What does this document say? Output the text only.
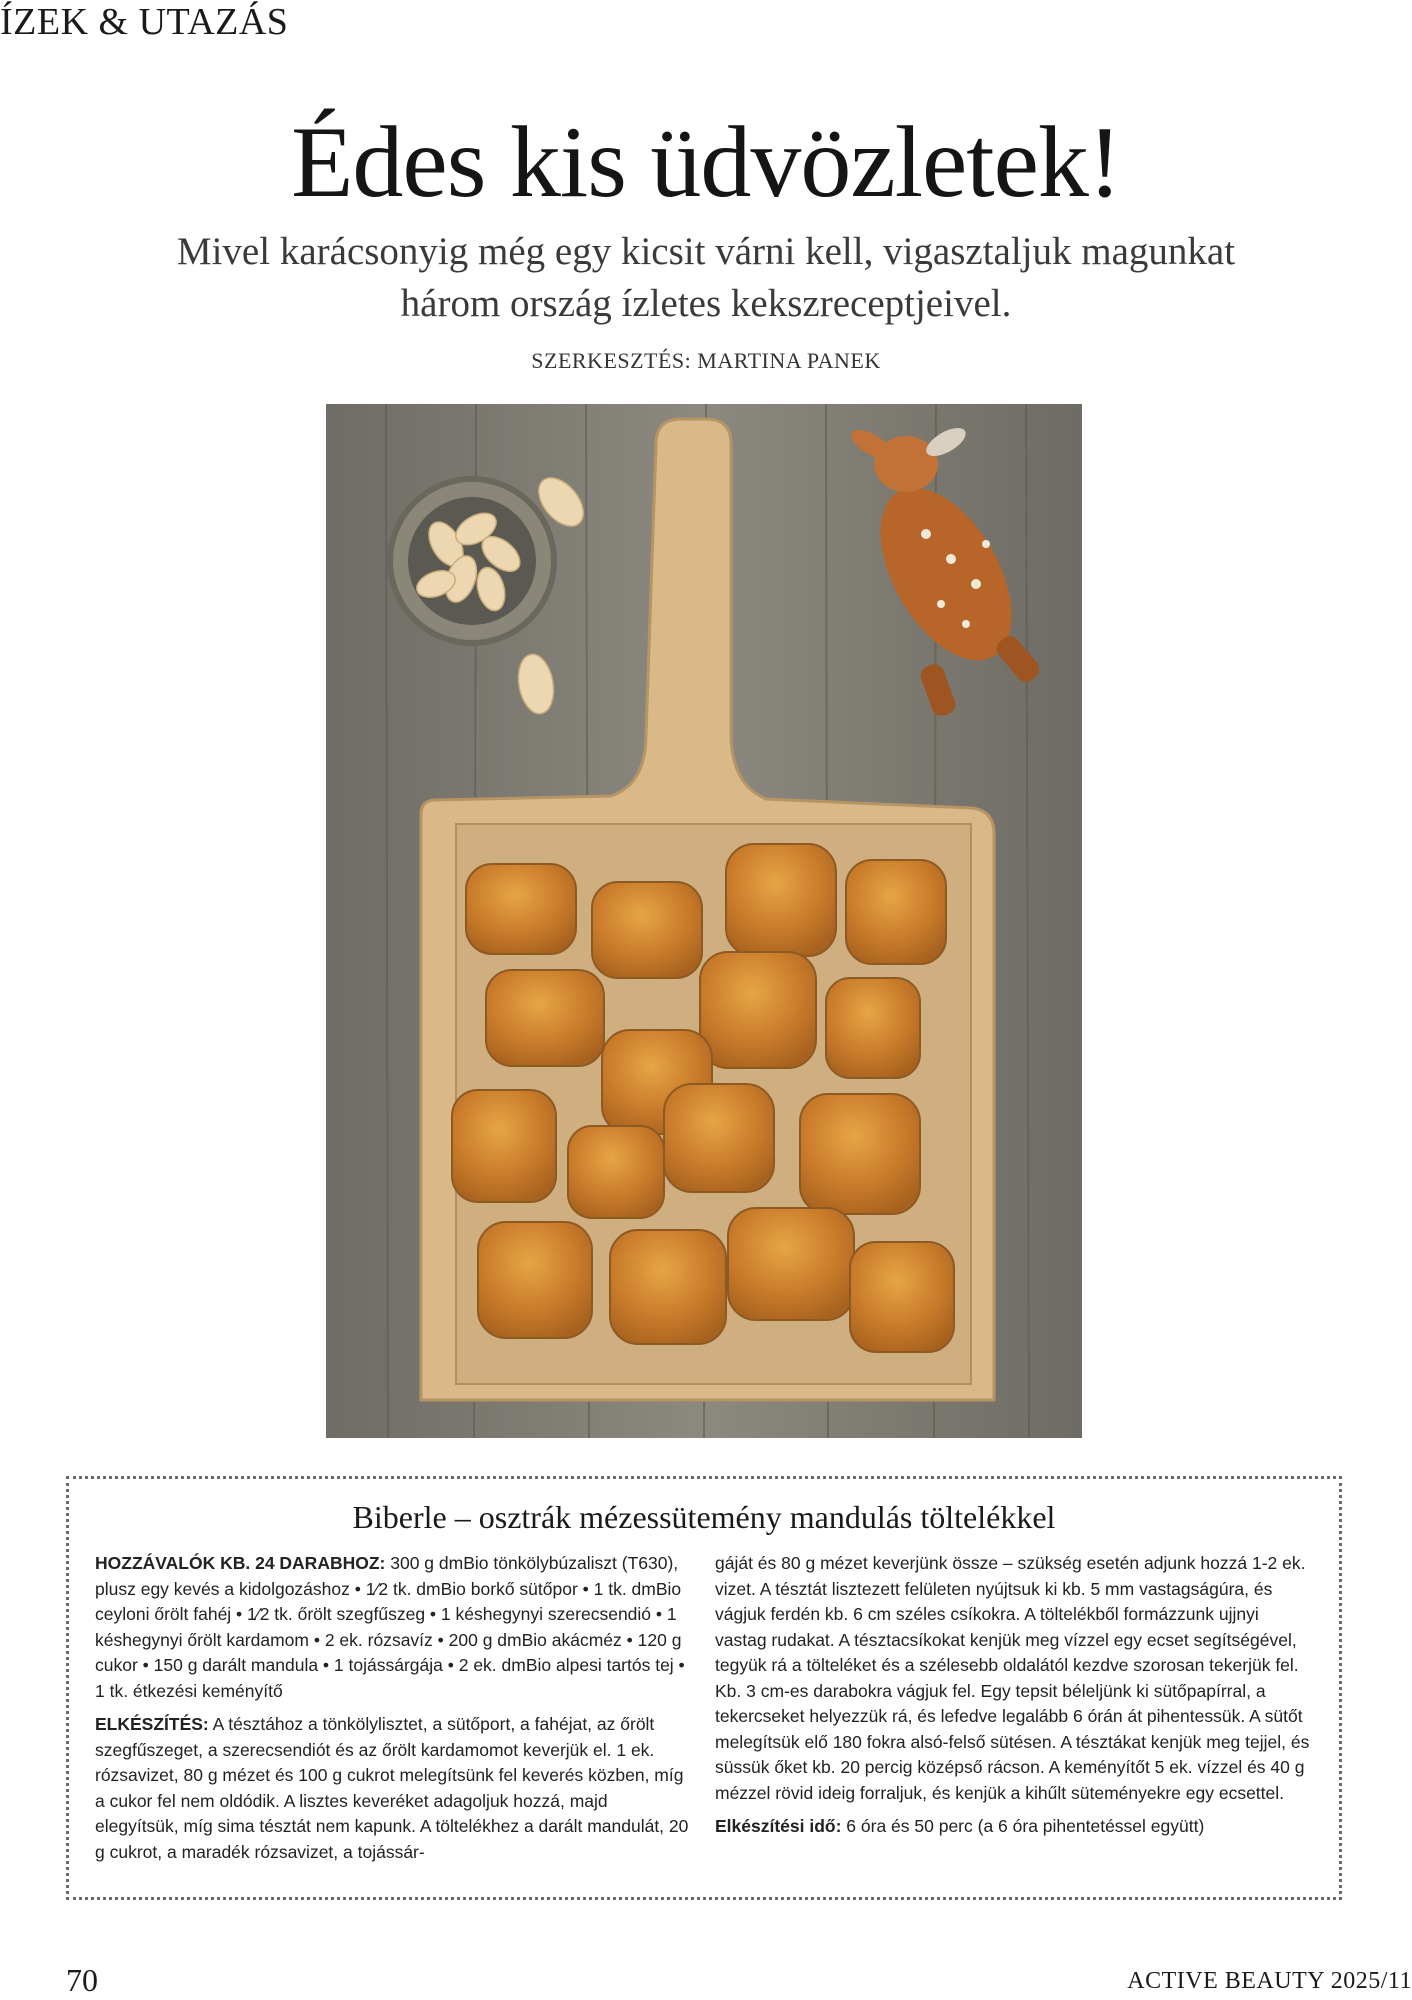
ÍZEK & UTAZÁS
Édes kis üdvözletek!

Mivel karácsonyig még egy kicsit várni kell, vigasztaljuk magunkat három ország ízletes kekszreceptjeivel.

SZERKESZTÉS: MARTINA PANEK
Biberle – osztrák mézessütemény mandulás töltelékkel

HOZZÁVALÓK KB. 24 DARABHOZ: 300 g dmBio tönkölybúzaliszt (T630), plusz egy kevés a kidolgozáshoz • 1⁄2 tk. dmBio borkő sütőpor • 1 tk. dmBio ceyloni őrölt fahéj • 1⁄2 tk. őrölt szegfűszeg • 1 késhegynyi szerecsendió • 1 késhegynyi őrölt kardamom • 2 ek. rózsavíz • 200 g dmBio akácméz • 120 g cukor • 150 g darált mandula • 1 tojássárgája • 2 ek. dmBio alpesi tartós tej • 1 tk. étkezési keményítő

ELKÉSZÍTÉS: A tésztához a tönkölylisztet, a sütőport, a fahéjat, az őrölt szegfűszeget, a szerecsendiót és az őrölt kardamomot keverjük el. 1 ek. rózsavizet, 80 g mézet és 100 g cukrot melegítsünk fel keverés közben, míg a cukor fel nem oldódik. A lisztes keveréket adagoljuk hozzá, majd elegyítsük, míg sima tésztát nem kapunk. A töltelékhez a darált mandulát, 20 g cukrot, a maradék rózsavizet, a tojássár-

gáját és 80 g mézet keverjünk össze – szükség esetén adjunk hozzá 1-2 ek. vizet. A tésztát lisztezett felületen nyújtsuk ki kb. 5 mm vastagságúra, és vágjuk ferdén kb. 6 cm széles csíkokra. A töltelékből formázzunk ujjnyi vastag rudakat. A tésztacsíkokat kenjük meg vízzel egy ecset segítségével, tegyük rá a tölteléket és a szélesebb oldalától kezdve szorosan tekerjük fel. Kb. 3 cm-es darabokra vágjuk fel. Egy tepsit béleljünk ki sütőpapírral, a tekercseket helyezzük rá, és lefedve legalább 6 órán át pihentessük. A sütőt melegítsük elő 180 fokra alsó-felső sütésen. A tésztákat kenjük meg tejjel, és süssük őket kb. 20 percig középső rácson. A keményítőt 5 ek. vízzel és 40 g mézzel rövid ideig forraljuk, és kenjük a kihűlt süteményekre egy ecsettel.

Elkészítési idő: 6 óra és 50 perc (a 6 óra pihentetéssel együtt)

70	ACTIVE BEAUTY 2025/11
